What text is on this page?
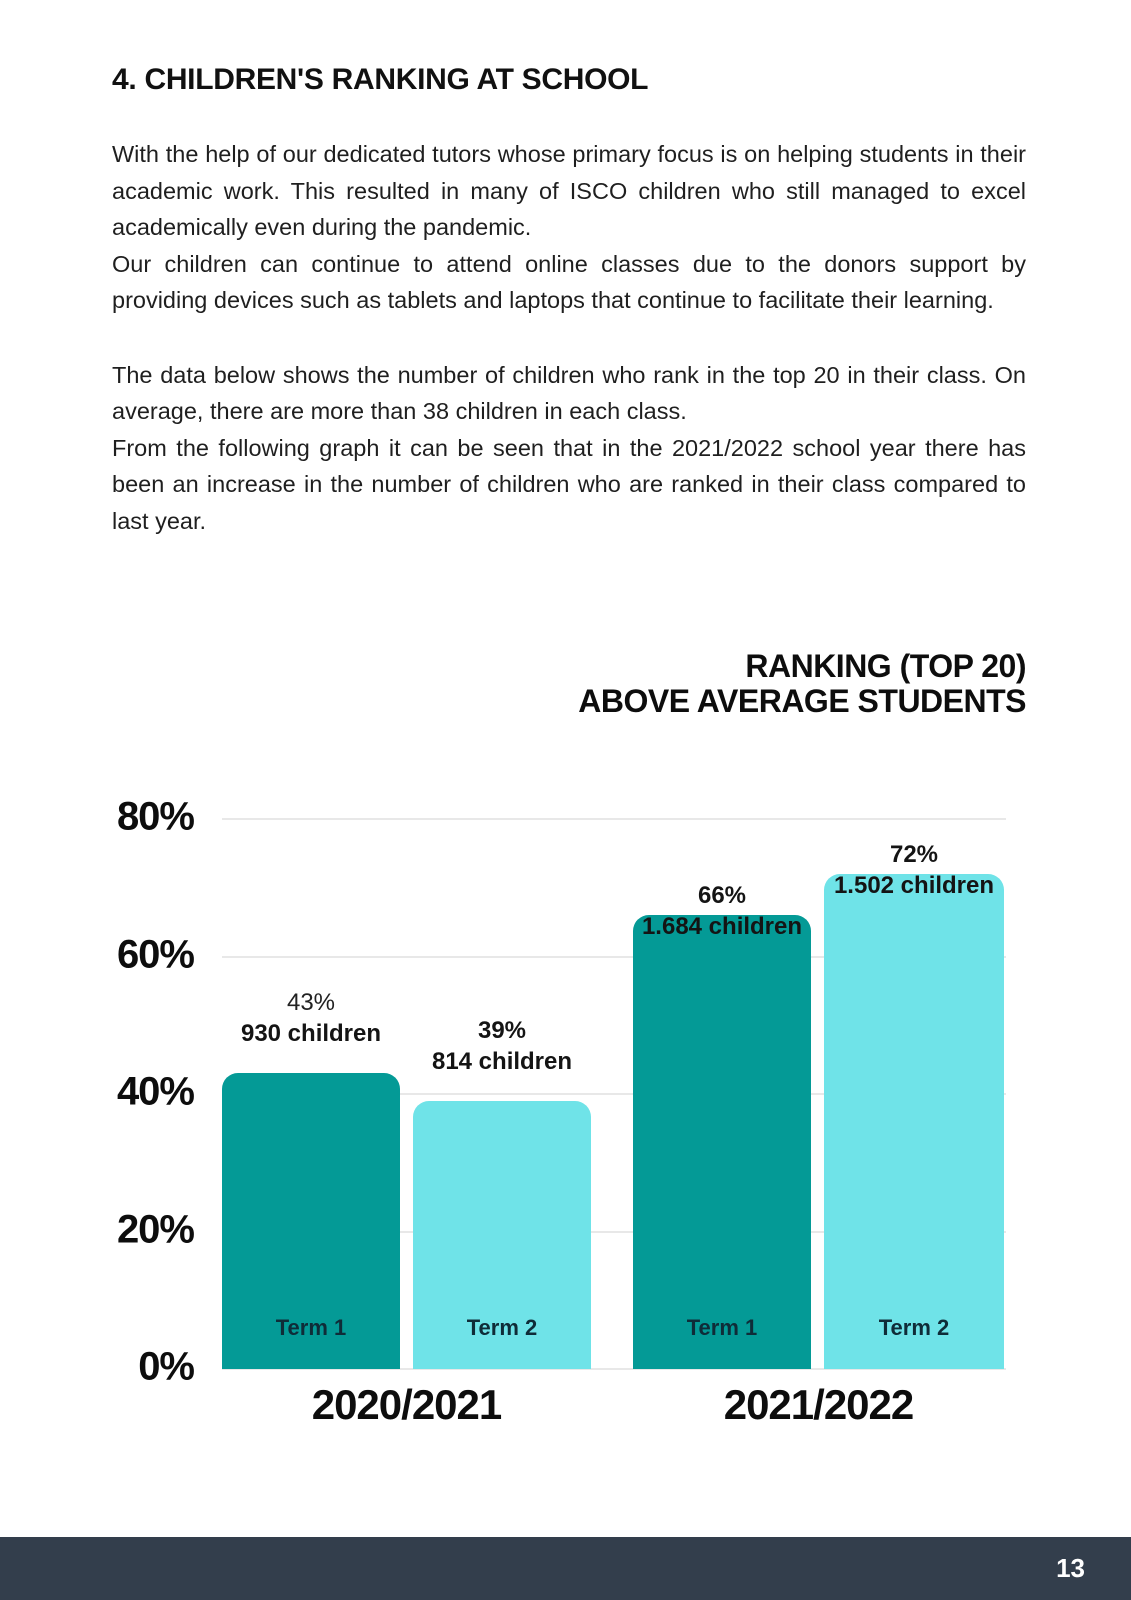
4. CHILDREN'S RANKING AT SCHOOL

With the help of our dedicated tutors whose primary focus is on helping students in their academic work. This resulted in many of ISCO children who still managed to excel academically even during the pandemic.

Our children can continue to attend online classes due to the donors support by providing devices such as tablets and laptops that continue to facilitate their learning.

The data below shows the number of children who rank in the top 20 in their class. On average, there are more than 38 children in each class.

From the following graph it can be seen that in the 2021/2022 school year there has been an increase in the number of children who are ranked in their class compared to last year.

RANKING (TOP 20)
ABOVE AVERAGE STUDENTS
80%
60%
40%
20%
0%
43%
930 children
Term 1
39%
814 children
Term 2
66%
1.684 children
Term 1
72%
1.502 children
Term 2
2020/2021	2021/2022
13
